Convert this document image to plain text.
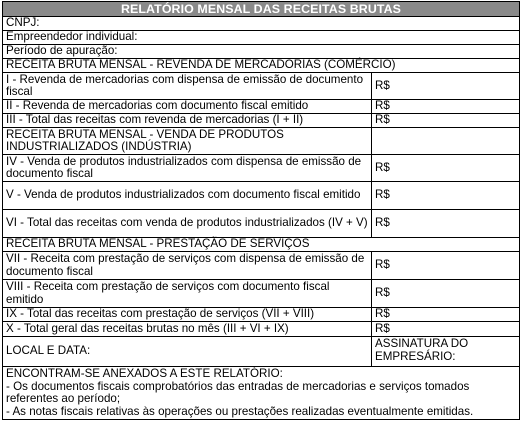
RELATÓRIO MENSAL DAS RECEITAS BRUTAS
CNPJ:
Empreendedor individual:
Período de apuração:
RECEITA BRUTA MENSAL - REVENDA DE MERCADORIAS (COMÉRCIO)
I - Revenda de mercadorias com dispensa de emissão de documento fiscal	R$
II - Revenda de mercadorias com documento fiscal emitido	R$
III - Total das receitas com revenda de mercadorias (I + II)	R$
RECEITA BRUTA MENSAL - VENDA DE PRODUTOS INDUSTRIALIZADOS (INDÚSTRIA)
IV - Venda de produtos industrializados com dispensa de emissão de documento fiscal	R$
V - Venda de produtos industrializados com documento fiscal emitido	R$
VI - Total das receitas com venda de produtos industrializados (IV + V) R$
RECEITA BRUTA MENSAL - PRESTAÇÃO DE SERVIÇOS
VII - Receita com prestação de serviços com dispensa de emissão de documento fiscal	R$
VIII - Receita com prestação de serviços com documento fiscal emitido	R$
IX - Total das receitas com prestação de serviços (VII + VIII)	R$
X - Total geral das receitas brutas no mês (III + VI + IX)	R$
LOCAL E DATA:
ASSINATURA DO EMPRESÁRIO:
ENCONTRAM-SE ANEXADOS A ESTE RELATÓRIO:
- Os documentos fiscais comprobatórios das entradas de mercadorias e serviços tomados referentes ao período;
- As notas fiscais relativas às operações ou prestações realizadas eventualmente emitidas.
